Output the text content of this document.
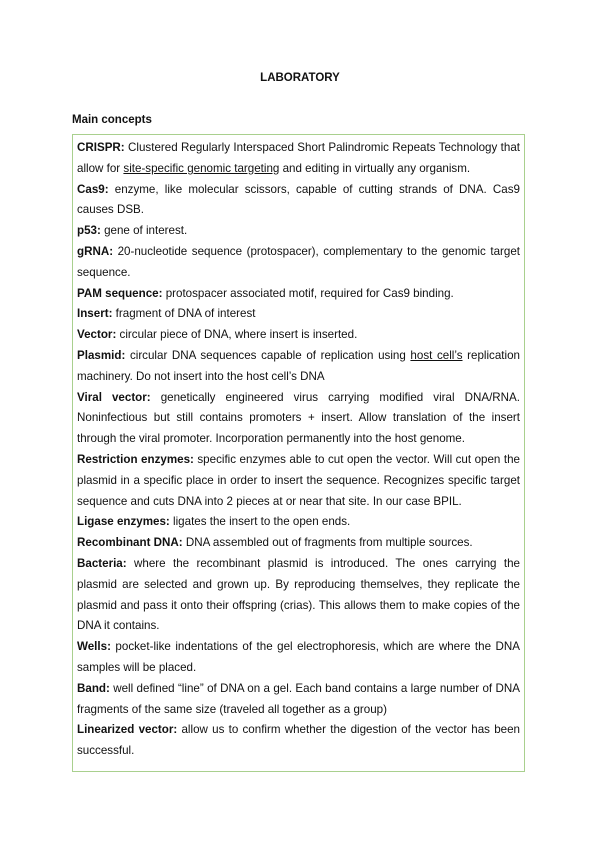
LABORATORY
Main concepts

CRISPR: Clustered Regularly Interspaced Short Palindromic Repeats Technology that allow for site-specific genomic targeting and editing in virtually any organism.

Cas9: enzyme, like molecular scissors, capable of cutting strands of DNA. Cas9 causes DSB.

p53: gene of interest.

gRNA: 20-nucleotide sequence (protospacer), complementary to the genomic target sequence.

PAM sequence: protospacer associated motif, required for Cas9 binding.

Insert: fragment of DNA of interest

Vector: circular piece of DNA, where insert is inserted.

Plasmid: circular DNA sequences capable of replication using host cell’s replication machinery. Do not insert into the host cell’s DNA

Viral vector: genetically engineered virus carrying modified viral DNA/RNA. Noninfectious but still contains promoters + insert. Allow translation of the insert through the viral promoter. Incorporation permanently into the host genome.

Restriction enzymes: specific enzymes able to cut open the vector. Will cut open the plasmid in a specific place in order to insert the sequence. Recognizes specific target sequence and cuts DNA into 2 pieces at or near that site. In our case BPIL.

Ligase enzymes: ligates the insert to the open ends.

Recombinant DNA: DNA assembled out of fragments from multiple sources.

Bacteria: where the recombinant plasmid is introduced. The ones carrying the plasmid are selected and grown up. By reproducing themselves, they replicate the plasmid and pass it onto their offspring (crias). This allows them to make copies of the DNA it contains.

Wells: pocket-like indentations of the gel electrophoresis, which are where the DNA samples will be placed.

Band: well defined “line” of DNA on a gel. Each band contains a large number of DNA fragments of the same size (traveled all together as a group)

Linearized vector: allow us to confirm whether the digestion of the vector has been successful.
